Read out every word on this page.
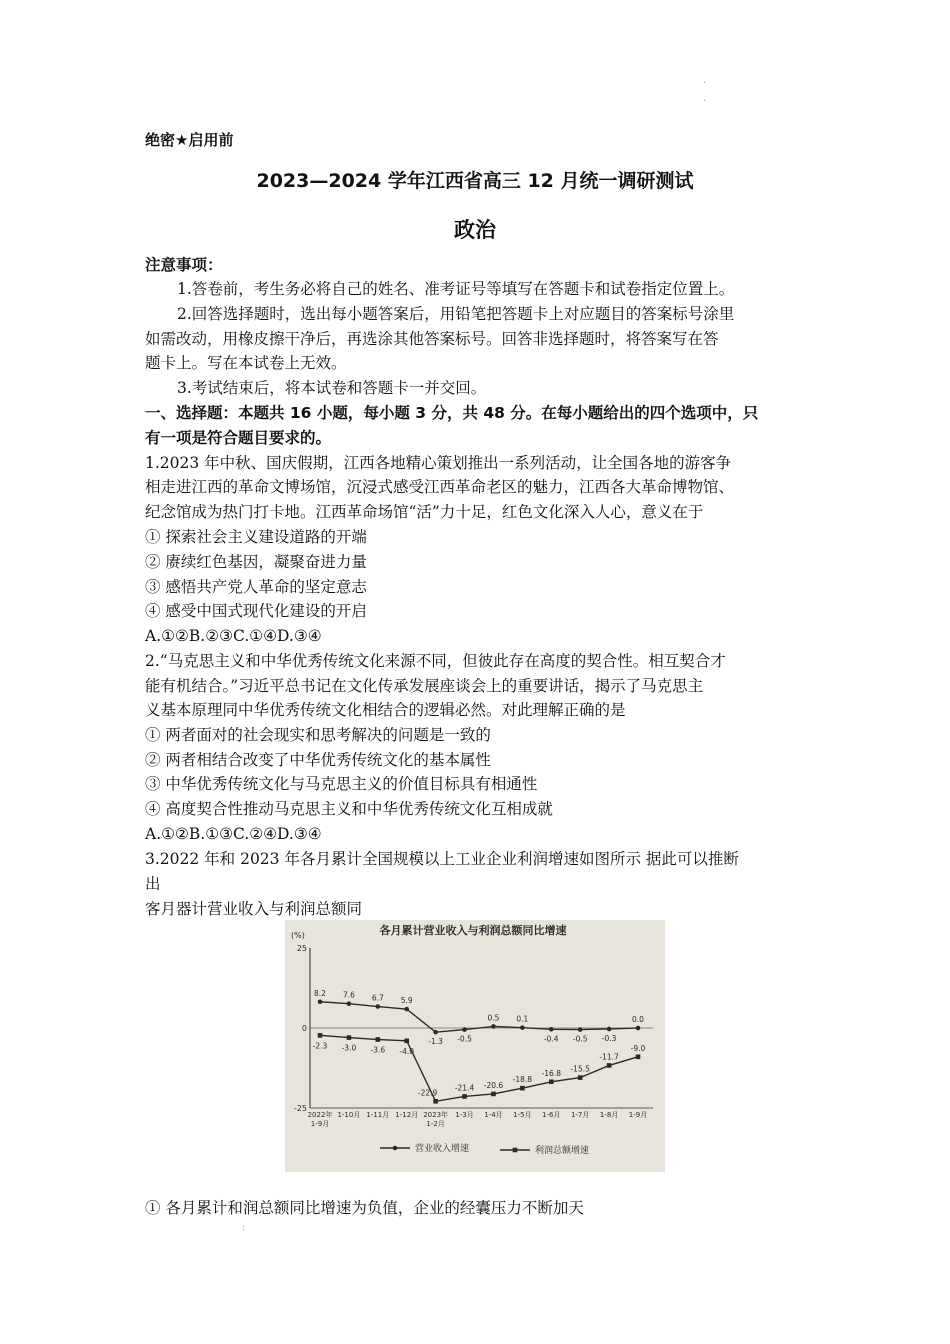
·
·
绝密★启用前
2023—2024 学年江西省高三 12 月统一调研测试
政治
注意事项：
1.答卷前，考生务必将自己的姓名、准考证号等填写在答题卡和试卷指定位置上。
2.回答选择题时，选出每小题答案后，用铅笔把答题卡上对应题目的答案标号涂里
如需改动，用橡皮擦干净后，再选涂其他答案标号。回答非选择题时，将答案写在答
题卡上。写在本试卷上无效。
3.考试结束后，将本试卷和答题卡一并交回。
一、选择题：本题共 16 小题，每小题 3 分，共 48 分。在每小题给出的四个选项中，只
有一项是符合题目要求的。
1.2023 年中秋、国庆假期，江西各地精心策划推出一系列活动，让全国各地的游客争
相走进江西的革命文博场馆，沉浸式感受江西革命老区的魅力，江西各大革命博物馆、
纪念馆成为热门打卡地。江西革命场馆“活”力十足，红色文化深入人心，意义在于
① 探索社会主义建设道路的开端
② 赓续红色基因，凝聚奋进力量
③ 感悟共产党人革命的坚定意志
④ 感受中国式现代化建设的开启
A.①②B.②③C.①④D.③④
2.“马克思主义和中华优秀传统文化来源不同，但彼此存在高度的契合性。相互契合才
能有机结合。”习近平总书记在文化传承发展座谈会上的重要讲话，揭示了马克思主
义基本原理同中华优秀传统文化相结合的逻辑必然。对此理解正确的是
① 两者面对的社会现实和思考解决的问题是一致的
② 两者相结合改变了中华优秀传统文化的基本属性
③ 中华优秀传统文化与马克思主义的价值目标具有相通性
④ 高度契合性推动马克思主义和中华优秀传统文化互相成就
A.①②B.①③C.②④D.③④
3.2022 年和 2023 年各月累计全国规模以上工业企业利润增速如图所示 据此可以推断
出
客月器计营业收入与利润总额同
各月累计营业收入与利润总额同比增速
(%)
25
0
-25
8.2 7.6 6.7 5.9
-1.3 -0.5
0.5 0.1
-0.4 -0.5 -0.3
0.0
-2.3 -3.0 -3.6 -4.0
-22.9
-21.4 -20.6
-18.8
-16.8 -15.5
-11.7
-9.0
2022年
1-9月
1-10月 1-11月 1-12月 2023年
1-2月
1-3月 1-4月 1-5月 1-6月 1-7月 1-8月 1-9月
营业收入增速	利润总额增速
① 各月累计和润总额同比增速为负值，企业的经囊压力不断加天
:
